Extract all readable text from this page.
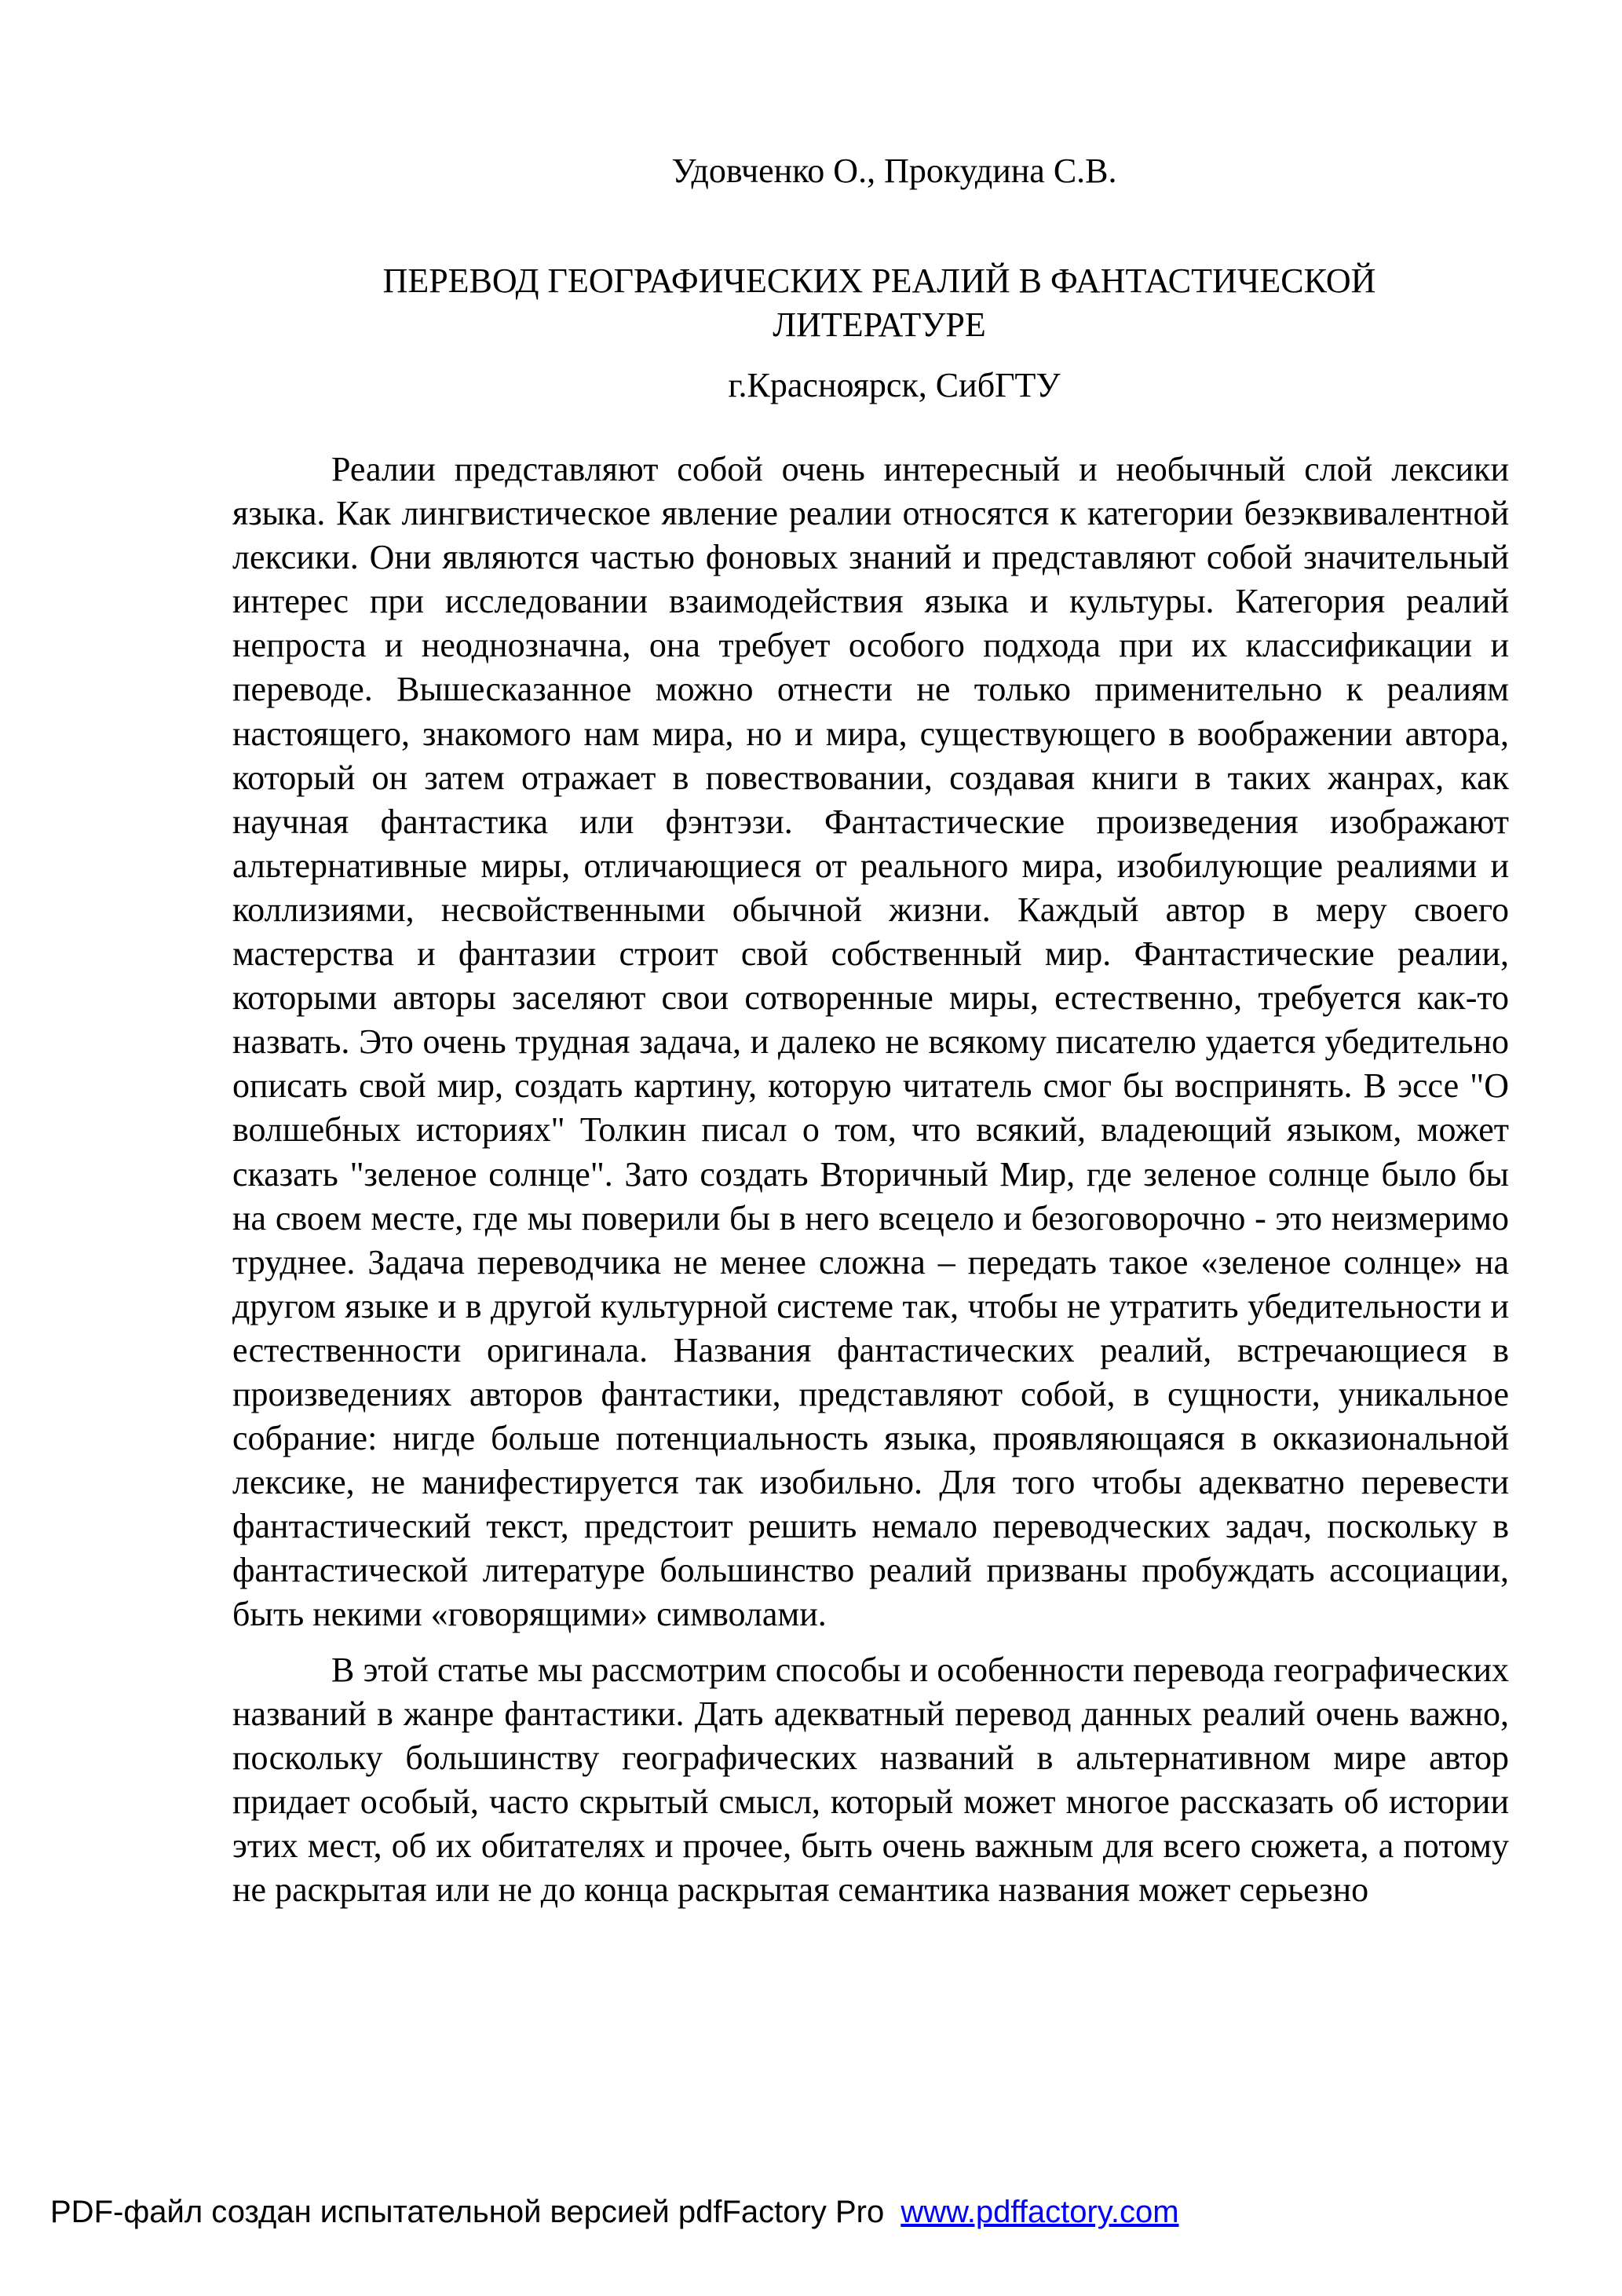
Удовченко О., Прокудина С.В.
ПЕРЕВОД ГЕОГРАФИЧЕСКИХ РЕАЛИЙ В ФАНТАСТИЧЕСКОЙ ЛИТЕРАТУРЕ
г.Красноярск, СибГТУ

Реалии представляют собой очень интересный и необычный слой лексики языка. Как лингвистическое явление реалии относятся к категории безэквивалентной лексики. Они являются частью фоновых знаний и представляют собой значительный интерес при исследовании взаимодействия языка и культуры. Категория реалий непроста и неоднозначна, она требует особого подхода при их классификации и переводе. Вышесказанное можно отнести не только применительно к реалиям настоящего, знакомого нам мира, но и мира, существующего в воображении автора, который он затем отражает в повествовании, создавая книги в таких жанрах, как научная фантастика или фэнтэзи. Фантастические произведения изображают альтернативные миры, отличающиеся от реального мира, изобилующие реалиями и коллизиями, несвойственными обычной жизни. Каждый автор в меру своего мастерства и фантазии строит свой собственный мир. Фантастические реалии, которыми авторы заселяют свои сотворенные миры, естественно, требуется как-то назвать. Это очень трудная задача, и далеко не всякому писателю удается убедительно описать свой мир, создать картину, которую читатель смог бы воспринять. В эссе "О волшебных историях" Толкин писал о том, что всякий, владеющий языком, может сказать "зеленое солнце". Зато создать Вторичный Мир, где зеленое солнце было бы на своем месте, где мы поверили бы в него всецело и безоговорочно - это неизмеримо труднее. Задача переводчика не менее сложна – передать такое «зеленое солнце» на другом языке и в другой культурной системе так, чтобы не утратить убедительности и естественности оригинала. Названия фантастических реалий, встречающиеся в произведениях авторов фантастики, представляют собой, в сущности, уникальное собрание: нигде больше потенциальность языка, проявляющаяся в окказиональной лексике, не манифестируется так изобильно. Для того чтобы адекватно перевести фантастический текст, предстоит решить немало переводческих задач, поскольку в фантастической литературе большинство реалий призваны пробуждать ассоциации, быть некими «говорящими» символами.

В этой статье мы рассмотрим способы и особенности перевода географических названий в жанре фантастики. Дать адекватный перевод данных реалий очень важно, поскольку большинству географических названий в альтернативном мире автор придает особый, часто скрытый смысл, который может многое рассказать об истории этих мест, об их обитателях и прочее, быть очень важным для всего сюжета, а потому не раскрытая или не до конца раскрытая семантика названия может серьезно

PDF-файл создан испытательной версией pdfFactory Pro www.pdffactory.com
